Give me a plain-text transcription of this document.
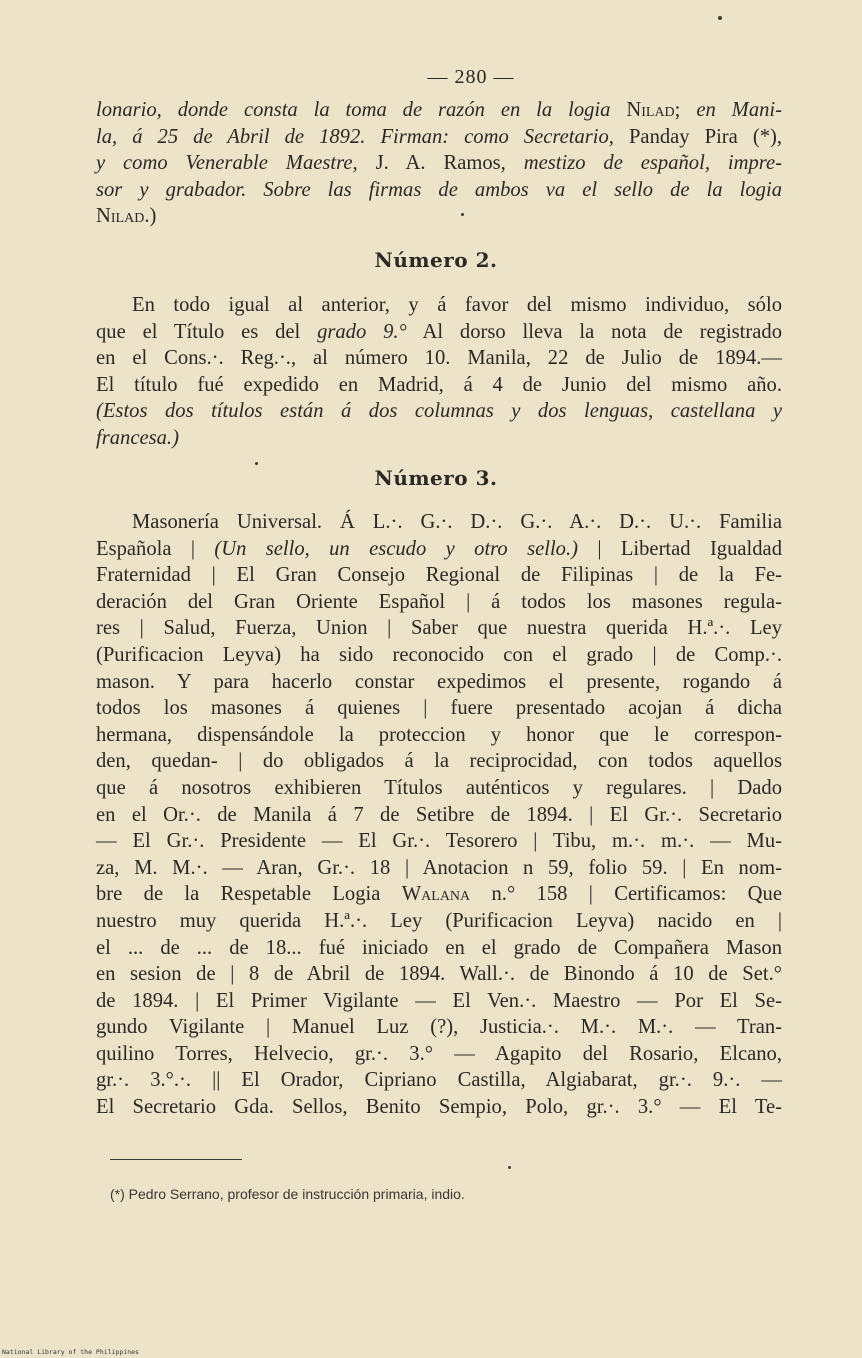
— 280 —
lonario, donde consta la toma de razón en la logia Nilad; en Mani-
la, á 25 de Abril de 1892. Firman: como Secretario, Panday Pira (*),
y como Venerable Maestre, J. A. Ramos, mestizo de español, impre-
sor y grabador. Sobre las firmas de ambos va el sello de la logia
Nilad.)
Número 2.
En todo igual al anterior, y á favor del mismo individuo, sólo
que el Título es del grado 9.° Al dorso lleva la nota de registrado
en el Cons.·. Reg.·., al número 10. Manila, 22 de Julio de 1894.—
El título fué expedido en Madrid, á 4 de Junio del mismo año.
(Estos dos títulos están á dos columnas y dos lenguas, castellana y
francesa.)
Número 3.
Masonería Universal. Á L.·. G.·. D.·. G.·. A.·. D.·. U.·. Familia
Española | (Un sello, un escudo y otro sello.) | Libertad Igualdad
Fraternidad | El Gran Consejo Regional de Filipinas | de la Fe-
deración del Gran Oriente Español | á todos los masones regula-
res | Salud, Fuerza, Union | Saber que nuestra querida H.ª.·. Ley
(Purificacion Leyva) ha sido reconocido con el grado | de Comp.·.
mason. Y para hacerlo constar expedimos el presente, rogando á
todos los masones á quienes | fuere presentado acojan á dicha
hermana, dispensándole la proteccion y honor que le correspon-
den, quedan- | do obligados á la reciprocidad, con todos aquellos
que á nosotros exhibieren Títulos auténticos y regulares. | Dado
en el Or.·. de Manila á 7 de Setibre de 1894. | El Gr.·. Secretario
— El Gr.·. Presidente — El Gr.·. Tesorero | Tibu, m.·. m.·. — Mu-
za, M. M.·. — Aran, Gr.·. 18 | Anotacion n 59, folio 59. | En nom-
bre de la Respetable Logia Walana n.° 158 | Certificamos: Que
nuestro muy querida H.ª.·. Ley (Purificacion Leyva) nacido en |
el ... de ... de 18... fué iniciado en el grado de Compañera Mason
en sesion de | 8 de Abril de 1894. Wall.·. de Binondo á 10 de Set.°
de 1894. | El Primer Vigilante — El Ven.·. Maestro — Por El Se-
gundo Vigilante | Manuel Luz (?), Justicia.·. M.·. M.·. — Tran-
quilino Torres, Helvecio, gr.·. 3.° — Agapito del Rosario, Elcano,
gr.·. 3.°.·. || El Orador, Cipriano Castilla, Algiabarat, gr.·. 9.·. —
El Secretario Gda. Sellos, Benito Sempio, Polo, gr.·. 3.° — El Te-
(*) Pedro Serrano, profesor de instrucción primaria, indio.
National Library of the Philippines
